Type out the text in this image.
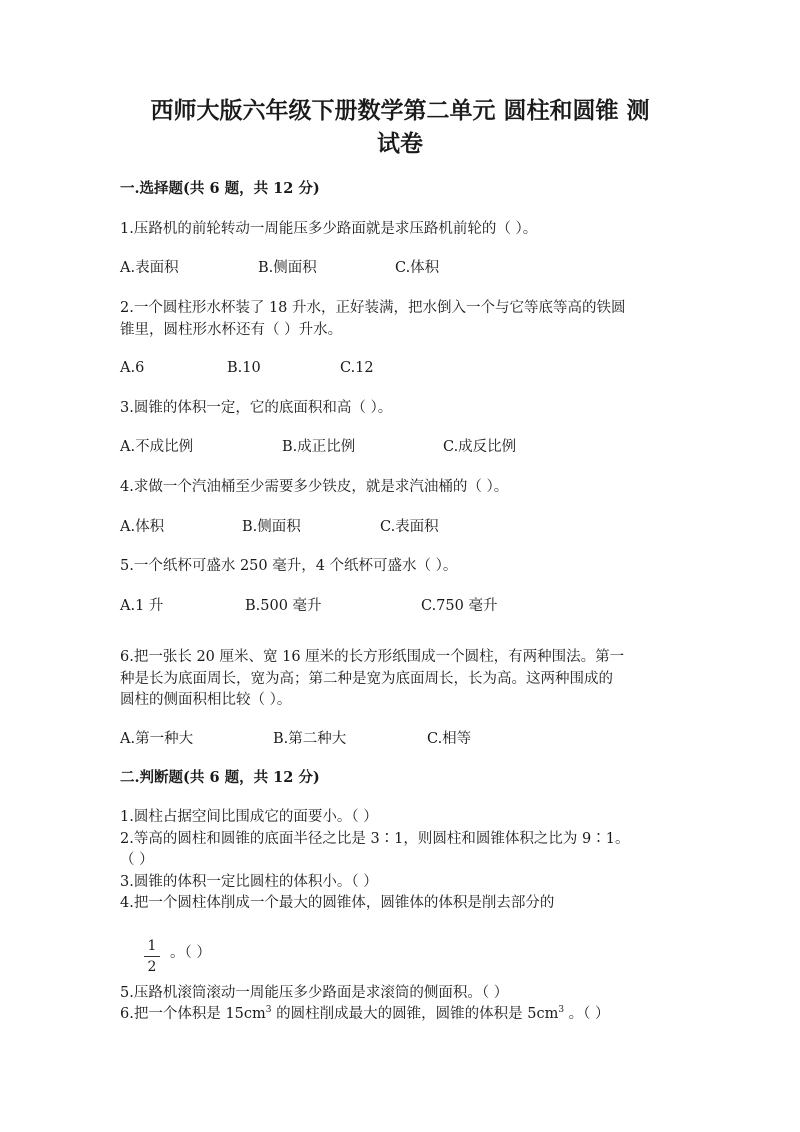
西师大版六年级下册数学第二单元 圆柱和圆锥 测
试卷
一.选择题(共 6 题，共 12 分)
1.压路机的前轮转动一周能压多少路面就是求压路机前轮的（ ）。
A.表面积	B.侧面积	C.体积
2.一个圆柱形水杯装了 18 升水，正好装满，把水倒入一个与它等底等高的铁圆
锥里，圆柱形水杯还有（ ）升水。
A.6	B.10	C.12
3.圆锥的体积一定，它的底面积和高（ ）。
A.不成比例	B.成正比例	C.成反比例
4.求做一个汽油桶至少需要多少铁皮，就是求汽油桶的（ ）。
A.体积	B.侧面积	C.表面积
5.一个纸杯可盛水 250 毫升，4 个纸杯可盛水（ ）。
A.1 升	B.500 毫升	C.750 毫升
6.把一张长 20 厘米、宽 16 厘米的长方形纸围成一个圆柱，有两种围法。第一
种是长为底面周长，宽为高；第二种是宽为底面周长，长为高。这两种围成的
圆柱的侧面积相比较（ ）。
A.第一种大	B.第二种大	C.相等
二.判断题(共 6 题，共 12 分)
1.圆柱占据空间比围成它的面要小。（ ）
2.等高的圆柱和圆锥的底面半径之比是 3∶1，则圆柱和圆锥体积之比为 9∶1。
（ ）
3.圆锥的体积一定比圆柱的体积小。（ ）
4.把一个圆柱体削成一个最大的圆锥体，圆锥体的体积是削去部分的
1
2
。（ ）
5.压路机滚筒滚动一周能压多少路面是求滚筒的侧面积。（ ）
6.把一个体积是 $15cm^3$ 的圆柱削成最大的圆锥，圆锥的体积是 $5cm^3$ 。（ ）
